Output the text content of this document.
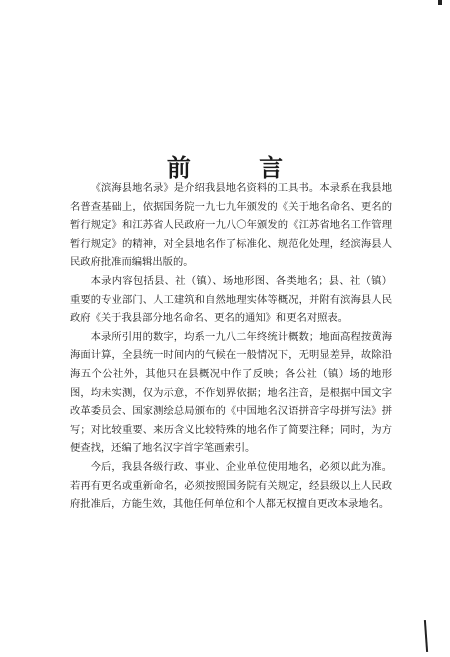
前 言

《滨海县地名录》是介绍我县地名资料的工具书。本录系在我县地名普查基础上，依据国务院一九七九年颁发的《关于地名命名、更名的暂行规定》和江苏省人民政府一九八〇年颁发的《江苏省地名工作管理暂行规定》的精神，对全县地名作了标准化、规范化处理，经滨海县人民政府批准而编辑出版的。

本录内容包括县、社（镇）、场地形图、各类地名；县、社（镇）重要的专业部门、人工建筑和自然地理实体等概况，并附有滨海县人民政府《关于我县部分地名命名、更名的通知》和更名对照表。

本录所引用的数字，均系一九八二年终统计概数；地面高程按黄海海面计算，全县统一时间内的气候在一般情况下，无明显差异，故除沿海五个公社外，其他只在县概况中作了反映；各公社（镇）场的地形图，均未实测，仅为示意，不作划界依据；地名注音，是根据中国文字改革委员会、国家测绘总局颁布的《中国地名汉语拼音字母拼写法》拼写；对比较重要、来历含义比较特殊的地名作了简要注释；同时，为方便查找，还编了地名汉字首字笔画索引。

今后，我县各级行政、事业、企业单位使用地名，必须以此为准。若再有更名或重新命名，必须按照国务院有关规定，经县级以上人民政府批准后，方能生效，其他任何单位和个人都无权擅自更改本录地名。
